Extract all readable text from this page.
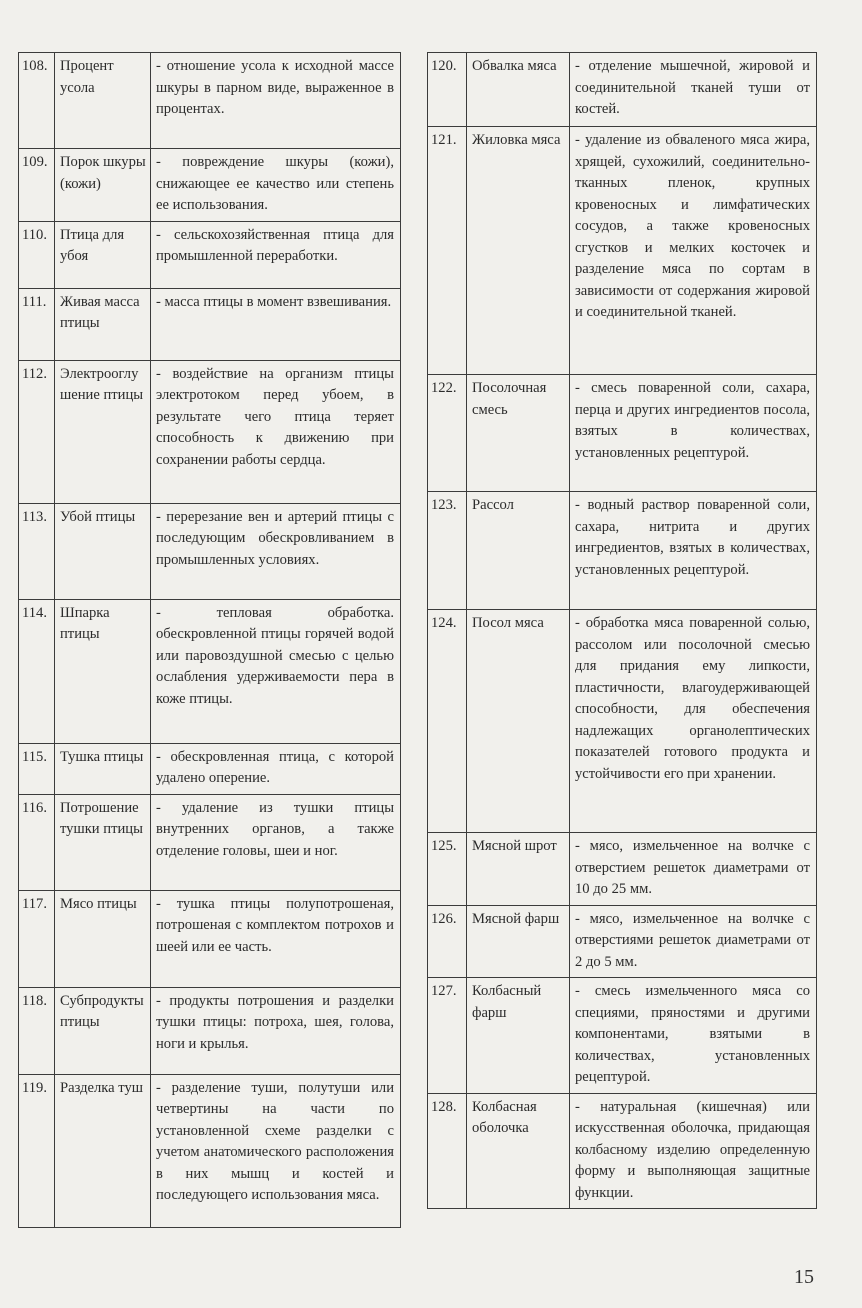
108.	Процент усола	- отношение усола к исходной массе шкуры в парном виде, выраженное в процентах.
109.	Порок шкуры (кожи)	- повреждение шкуры (кожи), снижающее ее качество или степень ее использования.
110.	Птица для убоя	- сельскохозяйственная птица для промышленной переработки.
111.	Живая масса птицы	- масса птицы в момент взвешивания.
112.	Электрооглушение птицы	- воздействие на организм птицы электротоком перед убоем, в результате чего птица теряет способность к движению при сохранении работы сердца.
113.	Убой птицы	- перерезание вен и артерий птицы с последующим обескровливанием в промышленных условиях.
114.	Шпарка птицы	- тепловая обработка. обескровленной птицы горячей водой или паровоздушной смесью с целью ослабления удерживаемости пера в коже птицы.
115.	Тушка птицы	- обескровленная птица, с которой удалено оперение.
116.	Потрошение тушки птицы	- удаление из тушки птицы внутренних органов, а также отделение головы, шеи и ног.
117.	Мясо птицы	- тушка птицы полупотрошеная, потрошеная с комплектом потрохов и шеей или ее часть.
118.	Субпродукты птицы	- продукты потрошения и разделки тушки птицы: потроха, шея, голова, ноги и крылья.
119.	Разделка туш	- разделение туши, полутуши или четвертины на части по установленной схеме разделки с учетом анатомического расположения в них мышц и костей и последующего использования мяса.
120.	Обвалка мяса	- отделение мышечной, жировой и соединительной ткaней туши от костей.
121.	Жиловка мяса	- удаление из обваленого мяса жира, хрящей, сухожилий, соединительно-тканных пленок, крупных кровеносных и лимфатических сосудов, а также кровеносных сгустков и мелких косточек и разделение мяса по сортам в зависимости от содержания жировой и соединительной тканей.
122.	Посолочная смесь	- смесь поваренной соли, сахара, перца и других ингредиентов посола, взятых в количествах, установленных рецептурой.
123.	Рассол	- водный раствор поваренной соли, сахара, нитрита и других ингредиентов, взятых в количествах, установленных рецептурой.
124.	Посол мяса	- обработка мяса поваренной солью, рассолом или посолочной смесью для придания ему липкости, пластичности, влагоудерживающей способности, для обеспечения надлежащих органолептических показателей готового продукта и устойчивости его при хранении.
125.	Мясной шрот	- мясо, измельченное на волчке с отверстием решеток диаметрами от 10 до 25 мм.
126.	Мясной фарш	- мясо, измельченное на волчке с отверстиями решеток диаметрами от 2 до 5 мм.
127.	Колбасный фарш	- смесь измельченного мяса со специями, пряностями и другими компонентами, взятыми в количествах, установленных рецептурой.
128.	Колбасная оболочка	- натуральная (кишечная) или искусственная оболочка, придающая колбасному изделию определенную форму и выполняющая защитные функции.
15
